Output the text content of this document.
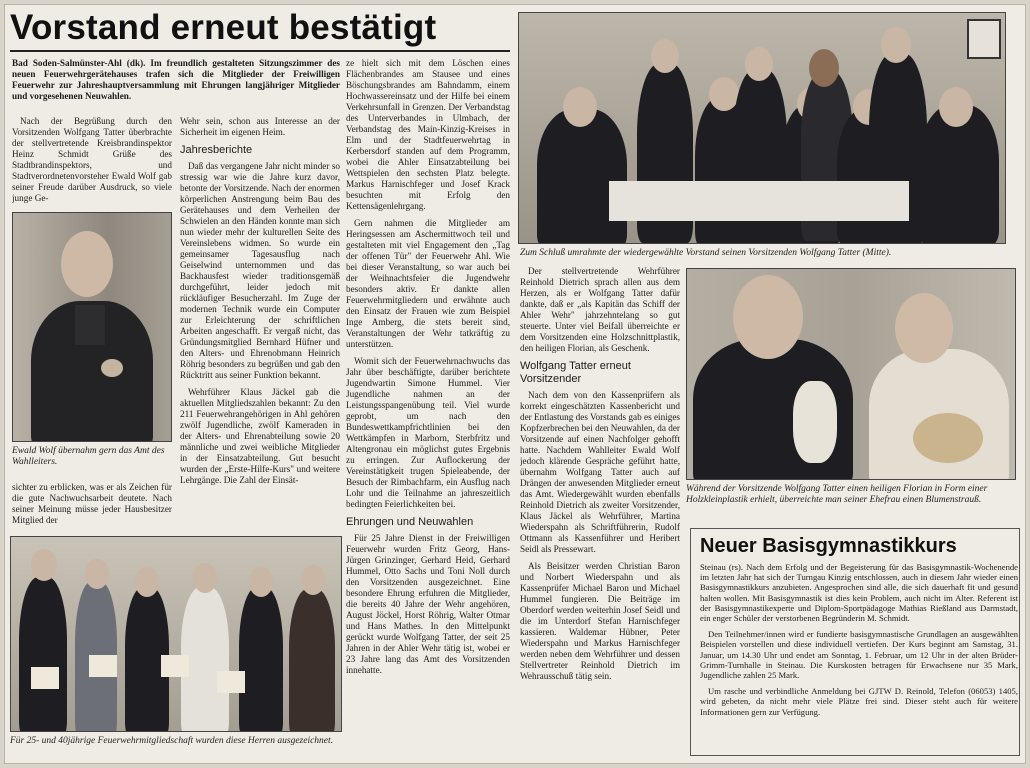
Vorstand erneut bestätigt
Bad Soden-Salmünster-Ahl (dk). Im freundlich gestalteten Sitzungszimmer des neuen Feuerwehrgerätehauses trafen sich die Mitglieder der Freiwilligen Feuerwehr zur Jahreshauptversammlung mit Ehrungen langjähriger Mitglieder und vorgesehenen Neuwahlen.

Nach der Begrüßung durch den Vorsitzenden Wolfgang Tatter überbrachte der stellvertretende Kreisbrandinspektor Heinz Schmidt Grüße des Stadtbrandinspektors, und Stadtverordnetenvorsteher Ewald Wolf gab seiner Freude darüber Ausdruck, so viele junge Ge-

Ewald Wolf übernahm gern das Amt des Wahlleiters.

sichter zu erblicken, was er als Zeichen für die gute Nachwuchsarbeit deutete. Nach seiner Meinung müsse jeder Hausbesitzer Mitglied der

Wehr sein, schon aus Interesse an der Sicherheit im eigenen Heim.

Jahresberichte

Daß das vergangene Jahr nicht minder so stressig war wie die Jahre kurz davor, betonte der Vorsitzende. Nach der enormen körperlichen Anstrengung beim Bau des Gerätehauses und dem Verheilen der Schwielen an den Händen konnte man sich nun wieder mehr der kulturellen Seite des Vereinslebens widmen. So wurde ein gemeinsamer Tagesausflug nach Geiselwind unternommen und das Backhausfest wieder traditionsgemäß durchgeführt, leider jedoch mit rückläufiger Besucherzahl. Im Zuge der modernen Technik wurde ein Computer zur Erleichterung der schriftlichen Arbeiten angeschafft. Er vergaß nicht, das Gründungsmitglied Bernhard Hüfner und den Alters- und Ehrenobmann Heinrich Röhrig besonders zu begrüßen und gab den Rücktritt aus seiner Funktion bekannt.

Wehrführer Klaus Jäckel gab die aktuellen Mitgliedszahlen bekannt: Zu den 211 Feuerwehrangehörigen in Ahl gehören zwölf Jugendliche, zwölf Kameraden in der Alters- und Ehrenabteilung sowie 20 männliche und zwei weibliche Mitglieder in der Einsatzabteilung. Gut besucht wurden der „Erste-Hilfe-Kurs" und weitere Lehrgänge. Die Zahl der Einsät-

Für 25- und 40jährige Feuerwehrmitgliedschaft wurden diese Herren ausgezeichnet.

ze hielt sich mit dem Löschen eines Flächenbrandes am Stausee und eines Böschungsbrandes am Bahndamm, einem Hochwassereinsatz und der Hilfe bei einem Verkehrsunfall in Grenzen. Der Verbandstag des Unterverbandes in Ulmbach, der Verbandstag des Main-Kinzig-Kreises in Elm und der Stadtfeuerwehrtag in Kerbersdorf standen auf dem Programm, wobei die Ahler Einsatzabteilung bei Wettspielen den sechsten Platz belegte. Markus Harnischfeger und Josef Krack besuchten mit Erfolg den Kettensägenlehrgang.

Gern nahmen die Mitglieder am Heringsessen am Aschermittwoch teil und gestalteten mit viel Engagement den „Tag der offenen Tür" der Feuerwehr Ahl. Wie bei dieser Veranstaltung, so war auch bei der Weihnachtsfeier die Jugendwehr besonders aktiv. Er dankte allen Feuerwehrmitgliedern und erwähnte auch den Einsatz der Frauen wie zum Beispiel Inge Amberg, die stets bereit sind, Veranstaltungen der Wehr tatkräftig zu unterstützen.

Womit sich der Feuerwehrnachwuchs das Jahr über beschäftigte, darüber berichtete Jugendwartin Simone Hummel. Vier Jugendliche nahmen an der Leistungsspangenübung teil. Viel wurde geprobt, um nach den Bundeswettkampfrichtlinien bei den Wettkämpfen in Marborn, Sterbfritz und Altengronau ein möglichst gutes Ergebnis zu erringen. Zur Auflockerung der Vereinstätigkeit trugen Spieleabende, der Besuch der Rimbachfarm, ein Ausflug nach Lohr und die Teilnahme an jahreszeitlich bedingten Feierlichkeiten bei.

Ehrungen und Neuwahlen

Für 25 Jahre Dienst in der Freiwilligen Feuerwehr wurden Fritz Georg, Hans-Jürgen Grinzinger, Gerhard Heid, Gerhard Hummel, Otto Sachs und Toni Noll durch den Vorsitzenden ausgezeichnet. Eine besondere Ehrung erfuhren die Mitglieder, die bereits 40 Jahre der Wehr angehören, August Jöckel, Horst Röhrig, Walter Otmar und Hans Mathes. In den Mittelpunkt gerückt wurde Wolfgang Tatter, der seit 25 Jahren in der Ahler Wehr tätig ist, wobei er 23 Jahre lang das Amt des Vorsitzenden innehatte.

Zum Schluß umrahmte der wiedergewählte Vorstand seinen Vorsitzenden Wolfgang Tatter (Mitte).

Der stellvertretende Wehrführer Reinhold Dietrich sprach allen aus dem Herzen, als er Wolfgang Tatter dafür dankte, daß er „als Kapitän das Schiff der Ahler Wehr" jahrzehntelang so gut steuerte. Unter viel Beifall überreichte er dem Vorsitzenden eine Holzschnittplastik, den heiligen Florian, als Geschenk.

Wolfgang Tatter erneut Vorsitzender

Nach dem von den Kassenprüfern als korrekt eingeschätzten Kassenbericht und der Entlastung des Vorstands gab es einiges Kopfzerbrechen bei den Neuwahlen, da der Vorsitzende auf einen Nachfolger gehofft hatte. Nachdem Wahlleiter Ewald Wolf jedoch klärende Gespräche geführt hatte, übernahm Wolfgang Tatter auch auf Drängen der anwesenden Mitglieder erneut das Amt. Wiedergewählt wurden ebenfalls Reinhold Dietrich als zweiter Vorsitzender, Klaus Jäckel als Wehrführer, Martina Wiederspahn als Schriftführerin, Rudolf Ottmann als Kassenführer und Heribert Seidl als Pressewart.

Als Beisitzer werden Christian Baron und Norbert Wiederspahn und als Kassenprüfer Michael Baron und Michael Hummel fungieren. Die Beiträge im Oberdorf werden weiterhin Josef Seidl und die im Unterdorf Stefan Harnischfeger kassieren. Waldemar Hübner, Peter Wiederspahn und Markus Harnischfeger werden neben dem Wehrführer und dessen Stellvertreter Reinhold Dietrich im Wehrausschuß tätig sein.

Während der Vorsitzende Wolfgang Tatter einen heiligen Florian in Form einer Holzkleinplastik erhielt, überreichte man seiner Ehefrau einen Blumenstrauß.
Neuer Basisgymnastikkurs

Steinau (rs). Nach dem Erfolg und der Begeisterung für das Basisgymnastik-Wochenende im letzten Jahr hat sich der Turngau Kinzig entschlossen, auch in diesem Jahr wieder einen Basisgymnastikkurs anzubieten. Angesprochen sind alle, die sich dauerhaft fit und gesund halten wollen. Mit Basisgymnastik ist dies kein Problem, auch nicht im Alter. Referent ist der Basisgymnastikexperte und Diplom-Sportpädagoge Mathias Rießland aus Darmstadt, ein enger Schüler der verstorbenen Begründerin M. Schmidt.

Den Teilnehmer/innen wird er fundierte basisgymnastische Grundlagen an ausgewählten Beispielen vorstellen und diese individuell vertiefen. Der Kurs beginnt am Samstag, 31. Januar, um 14.30 Uhr und endet am Sonntag, 1. Februar, um 12 Uhr in der alten Brüder-Grimm-Turnhalle in Steinau. Die Kurskosten betragen für Erwachsene nur 35 Mark, Jugendliche zahlen 25 Mark.

Um rasche und verbindliche Anmeldung bei GJTW D. Reinold, Telefon (06053) 1405, wird gebeten, da nicht mehr viele Plätze frei sind. Dieser steht auch für weitere Informationen gern zur Verfügung.
